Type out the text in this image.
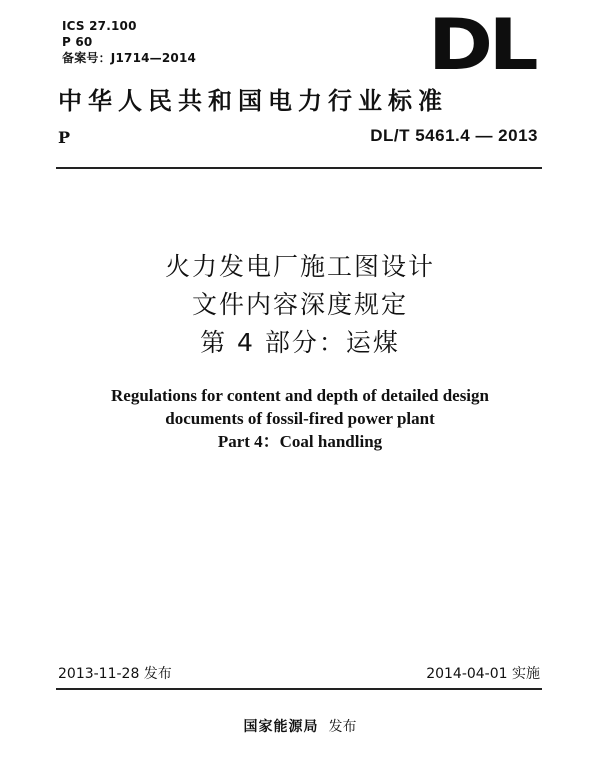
ICS 27.100
P 60
备案号：J1714—2014	DL
中华人民共和国电力行业标准
P	DL/T 5461.4 — 2013
火力发电厂施工图设计
文件内容深度规定
第 4 部分：运煤
Regulations for content and depth of detailed design
documents of fossil-fired power plant
Part 4：Coal handling
2013-11-28 发布	2014-04-01 实施
国家能源局 发布
